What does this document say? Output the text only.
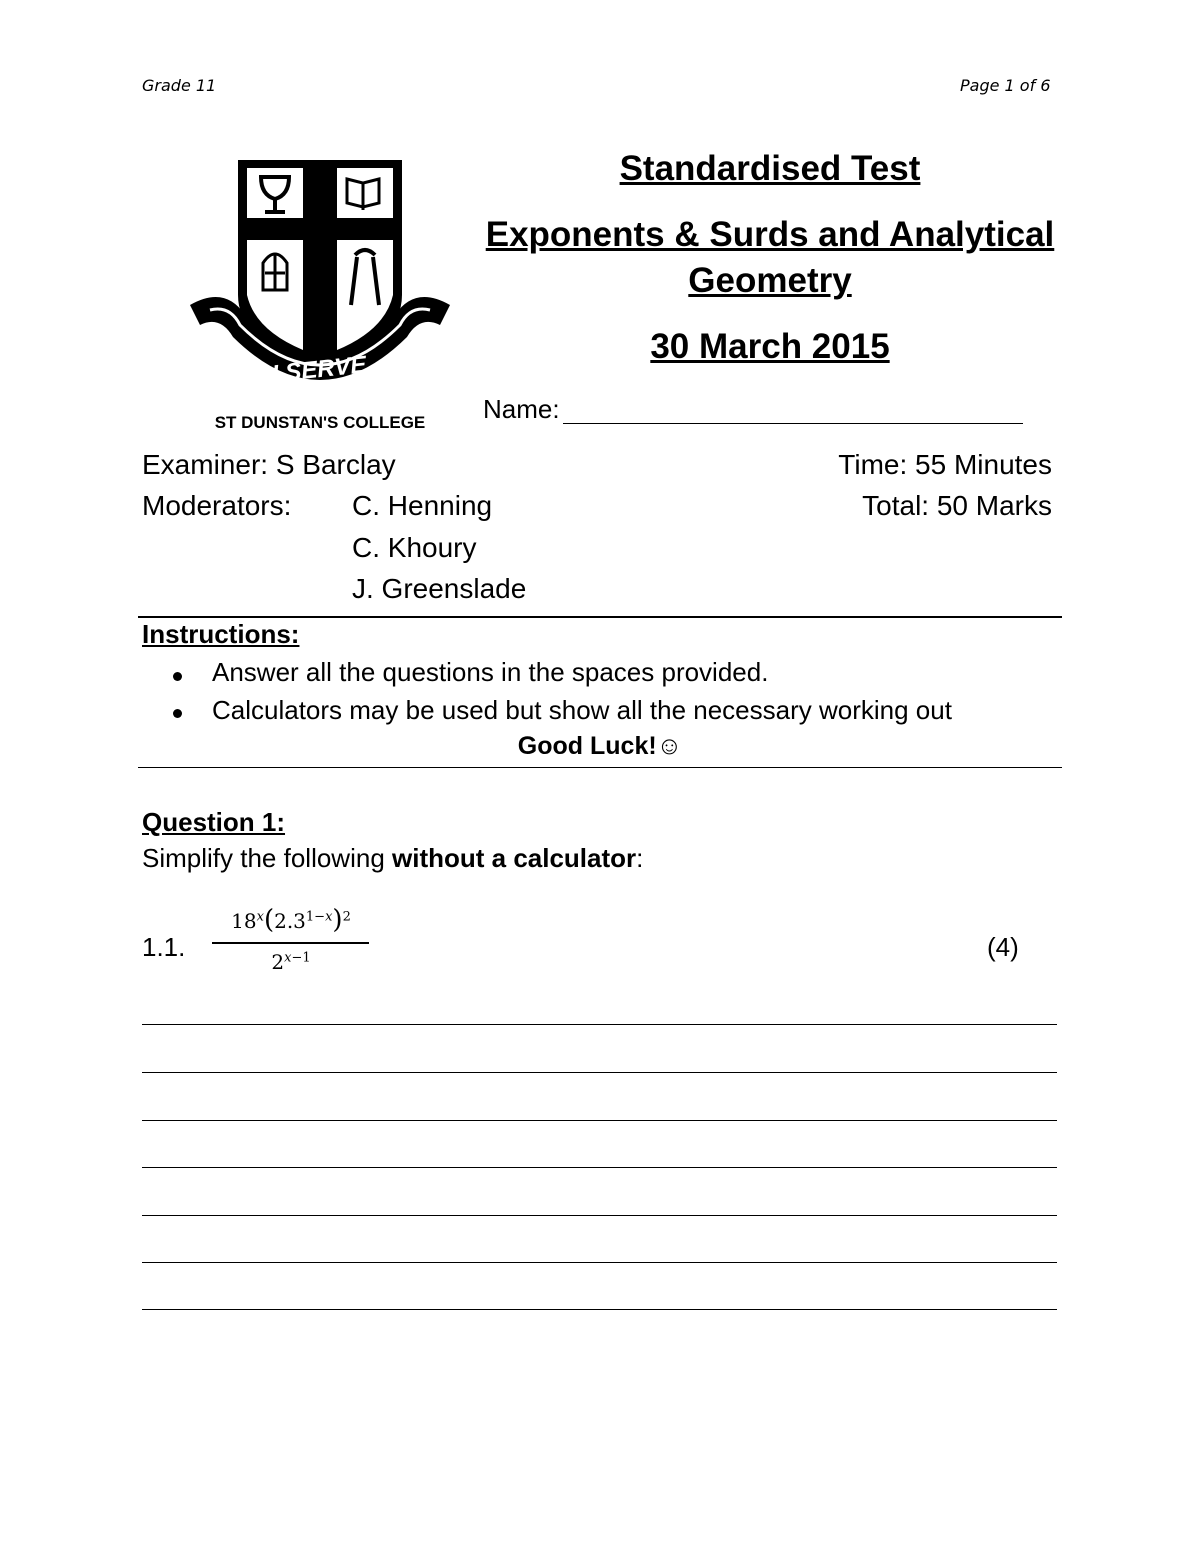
Grade 11	Page 1 of 6
I SERVE
ST DUNSTAN'S COLLEGE
Standardised Test
Exponents & Surds and Analytical
Geometry
30 March 2015
Name:
Examiner: S Barclay
Moderators: C. Henning
C. Khoury
J. Greenslade
Time: 55 Minutes
Total: 50 Marks
Instructions:
Answer all the questions in the spaces provided.
Calculators may be used but show all the necessary working out
Good Luck!☺
Question 1:
Simplify the following without a calculator:
1.1.
$18^x(2.3^{1-x})^2$
$2^{x-1}$	(4)
